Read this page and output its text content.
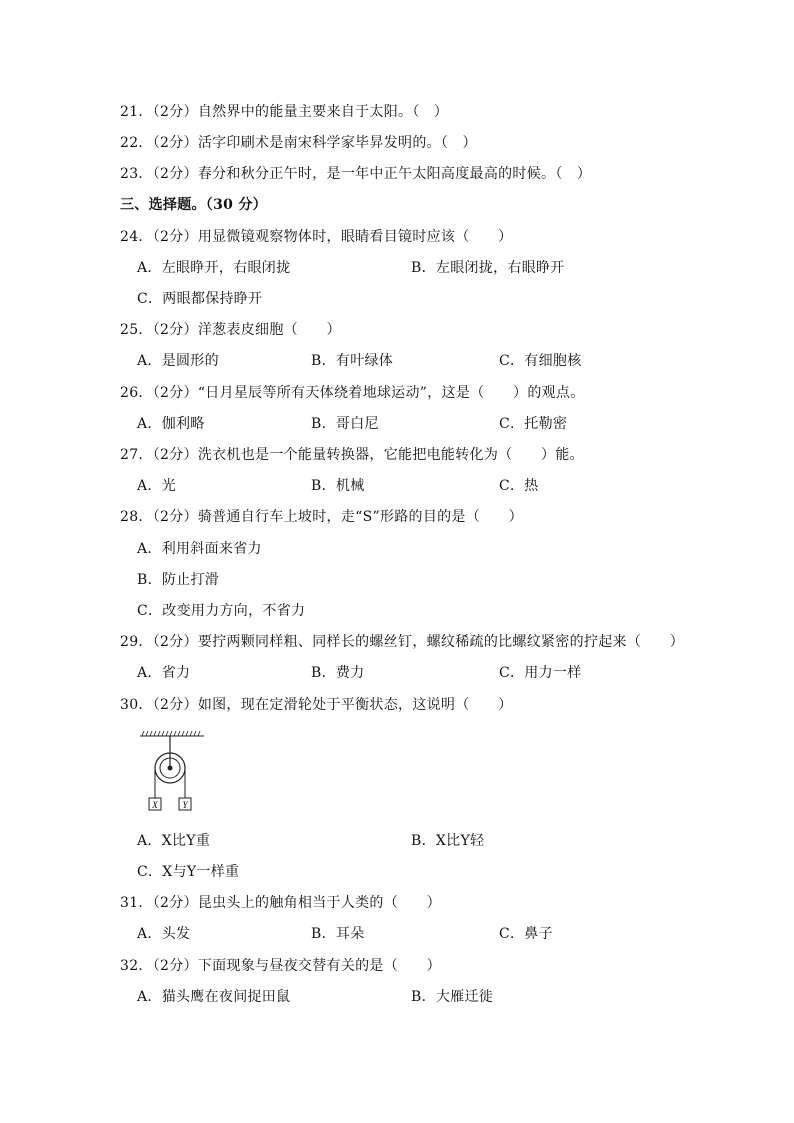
21．（2分）自然界中的能量主要来自于太阳。（　）
22．（2分）活字印刷术是南宋科学家毕昇发明的。（　）
23．（2分）春分和秋分正午时，是一年中正午太阳高度最高的时候。（　）
三、选择题。（30 分）
24．（2分）用显微镜观察物体时，眼睛看目镜时应该（　　）
A．左眼睁开，右眼闭拢	B．左眼闭拢，右眼睁开
C．两眼都保持睁开
25．（2分）洋葱表皮细胞（　　）
A．是圆形的	B．有叶绿体	C．有细胞核
26．（2分）“日月星辰等所有天体绕着地球运动”，这是（　　）的观点。
A．伽利略	B．哥白尼	C．托勒密
27．（2分）洗衣机也是一个能量转换器，它能把电能转化为（　　）能。
A．光	B．机械	C．热
28．（2分）骑普通自行车上坡时，走“S”形路的目的是（　　）
A．利用斜面来省力
B．防止打滑
C．改变用力方向，不省力
29．（2分）要拧两颗同样粗、同样长的螺丝钉，螺纹稀疏的比螺纹紧密的拧起来（　　）
A．省力	B．费力	C．用力一样
30．（2分）如图，现在定滑轮处于平衡状态，这说明（　　）
X	Y
A．X比Y重	B．X比Y轻
C．X与Y一样重
31．（2分）昆虫头上的触角相当于人类的（　　）
A．头发	B．耳朵	C．鼻子
32．（2分）下面现象与昼夜交替有关的是（　　）
A．猫头鹰在夜间捉田鼠	B．大雁迁徙
